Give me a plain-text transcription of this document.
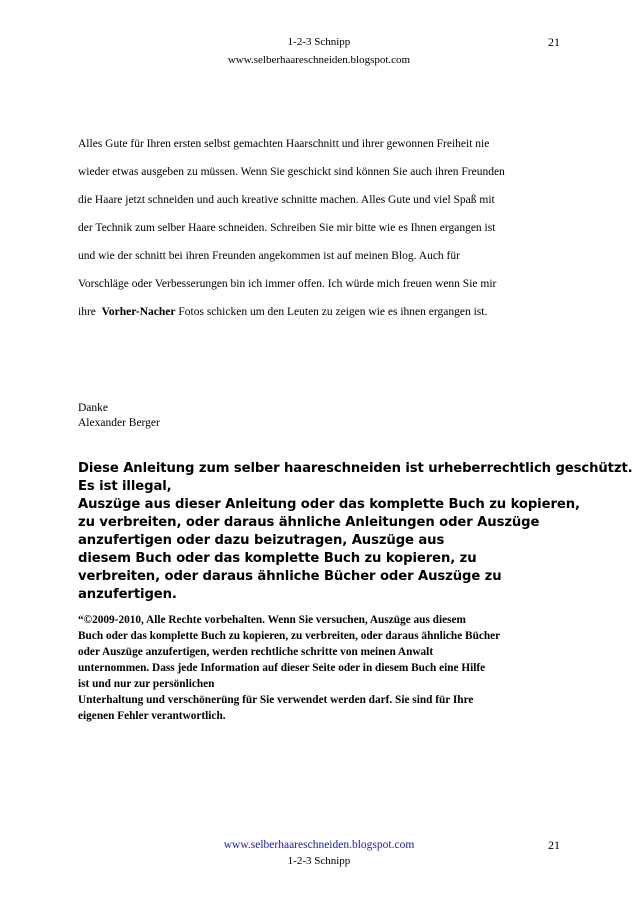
1-2-3 Schnipp
www.selberhaareschneiden.blogspot.com
21
Alles Gute für Ihren ersten selbst gemachten Haarschnitt und ihrer gewonnen Freiheit nie
wieder etwas ausgeben zu müssen. Wenn Sie geschickt sind können Sie auch ihren Freunden
die Haare jetzt schneiden und auch kreative schnitte machen. Alles Gute und viel Spaß mit
der Technik zum selber Haare schneiden. Schreiben Sie mir bitte wie es Ihnen ergangen ist
und wie der schnitt bei ihren Freunden angekommen ist auf meinen Blog. Auch für
Vorschläge oder Verbesserungen bin ich immer offen. Ich würde mich freuen wenn Sie mir
ihre  Vorher-Nacher Fotos schicken um den Leuten zu zeigen wie es ihnen ergangen ist.
Danke
Alexander Berger
Diese Anleitung zum selber haareschneiden ist urheberrechtlich geschützt.
Es ist illegal,
Auszüge aus dieser Anleitung oder das komplette Buch zu kopieren,
zu verbreiten, oder daraus ähnliche Anleitungen oder Auszüge
anzufertigen oder dazu beizutragen, Auszüge aus
diesem Buch oder das komplette Buch zu kopieren, zu
verbreiten, oder daraus ähnliche Bücher oder Auszüge zu
anzufertigen.
“©2009-2010, Alle Rechte vorbehalten. Wenn Sie versuchen, Auszüge aus diesem
Buch oder das komplette Buch zu kopieren, zu verbreiten, oder daraus ähnliche Bücher
oder Auszüge anzufertigen, werden rechtliche schritte von meinen Anwalt
unternommen. Dass jede Information auf dieser Seite oder in diesem Buch eine Hilfe
ist und nur zur persönlichen
Unterhaltung und verschönerüng für Sie verwendet werden darf. Sie sind für Ihre
eigenen Fehler verantwortlich.
www.selberhaareschneiden.blogspot.com
1-2-3 Schnipp
21
